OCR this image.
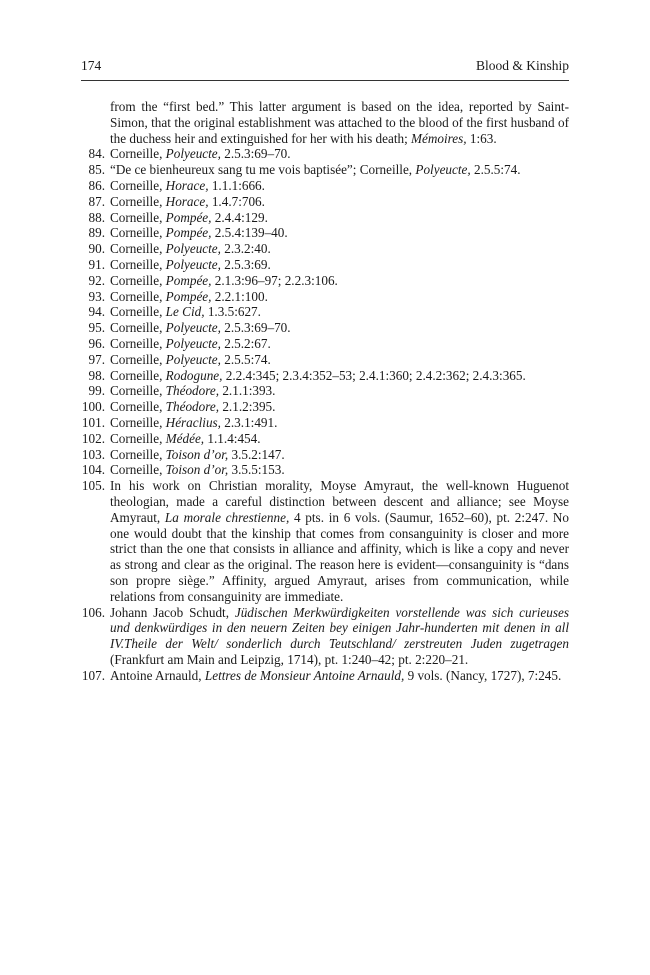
174	Blood & Kinship
from the “first bed.” This latter argument is based on the idea, reported by Saint-Simon, that the original establishment was attached to the blood of the first husband of the duchess heir and extinguished for her with his death; Mémoires, 1:63.
84. Corneille, Polyeucte, 2.5.3:69–70.
85. “De ce bienheureux sang tu me vois baptisée”; Corneille, Polyeucte, 2.5.5:74.
86. Corneille, Horace, 1.1.1:666.
87. Corneille, Horace, 1.4.7:706.
88. Corneille, Pompée, 2.4.4:129.
89. Corneille, Pompée, 2.5.4:139–40.
90. Corneille, Polyeucte, 2.3.2:40.
91. Corneille, Polyeucte, 2.5.3:69.
92. Corneille, Pompée, 2.1.3:96–97; 2.2.3:106.
93. Corneille, Pompée, 2.2.1:100.
94. Corneille, Le Cid, 1.3.5:627.
95. Corneille, Polyeucte, 2.5.3:69–70.
96. Corneille, Polyeucte, 2.5.2:67.
97. Corneille, Polyeucte, 2.5.5:74.
98. Corneille, Rodogune, 2.2.4:345; 2.3.4:352–53; 2.4.1:360; 2.4.2:362; 2.4.3:365.
99. Corneille, Théodore, 2.1.1:393.
100. Corneille, Théodore, 2.1.2:395.
101. Corneille, Héraclius, 2.3.1:491.
102. Corneille, Médée, 1.1.4:454.
103. Corneille, Toison d’or, 3.5.2:147.
104. Corneille, Toison d’or, 3.5.5:153.
105. In his work on Christian morality, Moyse Amyraut, the well-known Huguenot theologian, made a careful distinction between descent and alliance; see Moyse Amyraut, La morale chrestienne, 4 pts. in 6 vols. (Saumur, 1652–60), pt. 2:247. No one would doubt that the kinship that comes from consanguinity is closer and more strict than the one that consists in alliance and affinity, which is like a copy and never as strong and clear as the original. The reason here is evident—consanguinity is “dans son propre siège.” Affinity, argued Amyraut, arises from communication, while relations from consanguinity are immediate.
106. Johann Jacob Schudt, Jüdischen Merkwürdigkeiten vorstellende was sich curieuses und denkwürdiges in den neuern Zeiten bey einigen Jahr-hunderten mit denen in all IV.Theile der Welt/ sonderlich durch Teutschland/ zerstreuten Juden zugetragen (Frankfurt am Main and Leipzig, 1714), pt. 1:240–42; pt. 2:220–21.
107. Antoine Arnauld, Lettres de Monsieur Antoine Arnauld, 9 vols. (Nancy, 1727), 7:245.
